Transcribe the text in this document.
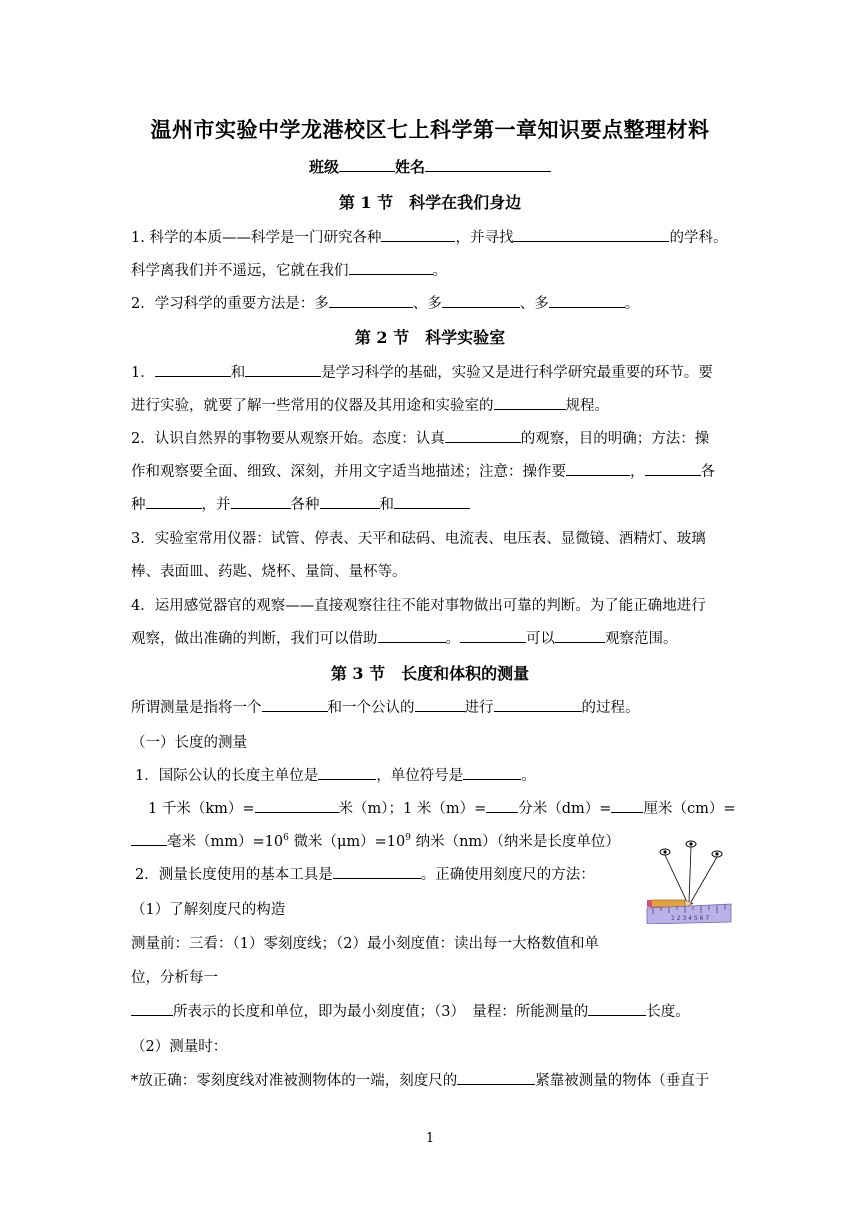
温州市实验中学龙港校区七上科学第一章知识要点整理材料
班级	姓名
第 1 节　科学在我们身边
1. 科学的本质——科学是一门研究各种	，并寻找	的学科。
科学离我们并不遥远，它就在我们	。
2．学习科学的重要方法是：多	、多	、多	。
第 2 节　科学实验室
1．	和	是学习科学的基础，实验又是进行科学研究最重要的环节。要
进行实验，就要了解一些常用的仪器及其用途和实验室的	规程。
2．认识自然界的事物要从观察开始。态度：认真	的观察，目的明确；方法：操
作和观察要全面、细致、深刻，并用文字适当地描述；注意：操作要	，	各
种	，并	各种	和
3．实验室常用仪器：试管、停表、天平和砝码、电流表、电压表、显微镜、酒精灯、玻璃
棒、表面皿、药匙、烧杯、量筒、量杯等。
4．运用感觉器官的观察——直接观察往往不能对事物做出可靠的判断。为了能正确地进行
观察，做出准确的判断，我们可以借助	。	可以	观察范围。
第 3 节　长度和体积的测量
所谓测量是指将一个	和一个公认的	进行	的过程。
（一）长度的测量
1．国际公认的长度主单位是	，单位符号是	。
1 千米（km）=	米（m）；1 米（m）= 分米（dm）= 厘米（cm）=
毫米$(mm)=10^6$ 微米$(\mu m)=10^9$ 纳米（nm）（纳米是长度单位）
2．测量长度使用的基本工具是	。正确使用刻度尺的方法：
（1）了解刻度尺的构造
测量前：三看：（1）零刻度线；（2）最小刻度值：读出每一大格数值和单
位，分析每一
所表示的长度和单位，即为最小刻度值；（3）　量程：所能测量的	长度。
（2）测量时：
*放正确：零刻度线对准被测物体的一端，刻度尺的	紧靠被测量的物体（垂直于
1 2 3 4 5 6 7
1
